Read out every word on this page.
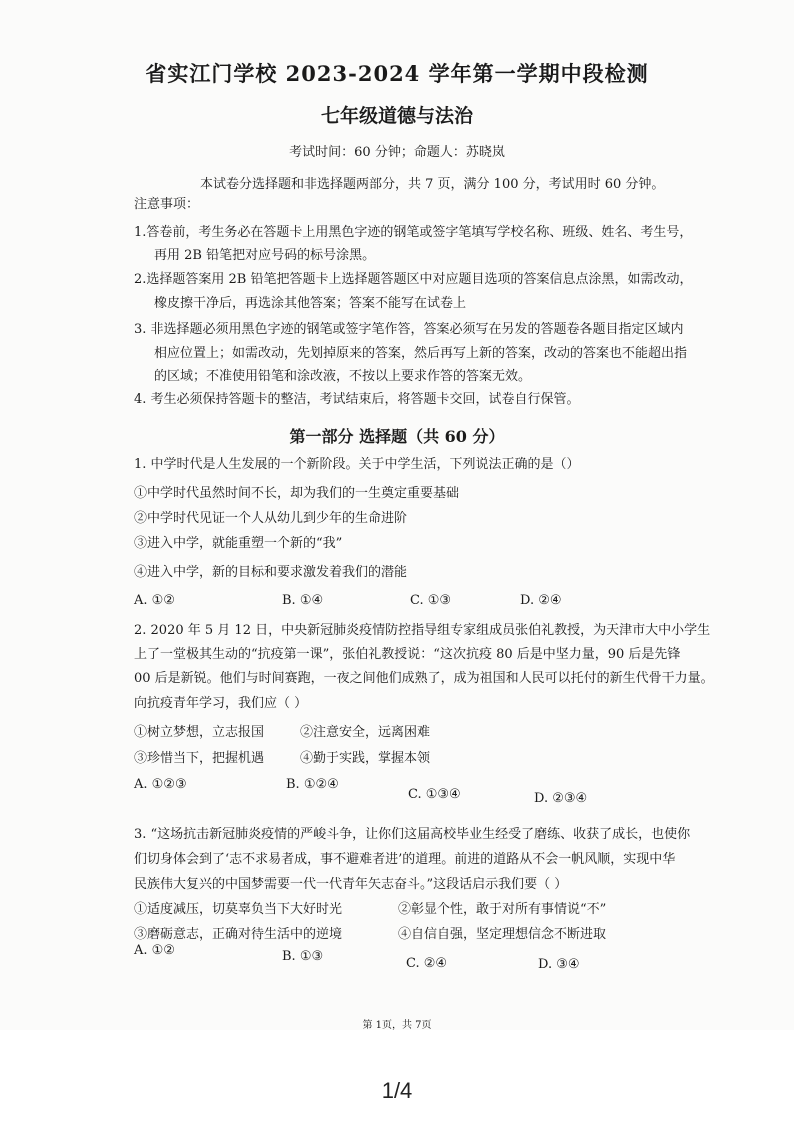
省实江门学校 2023-2024 学年第一学期中段检测
七年级道德与法治
考试时间：60 分钟；命题人：苏晓岚
本试卷分选择题和非选择题两部分，共 7 页，满分 100 分，考试用时 60 分钟。
注意事项：
1.答卷前，考生务必在答题卡上用黑色字迹的钢笔或签字笔填写学校名称、班级、姓名、考生号，
再用 2B 铅笔把对应号码的标号涂黑。
2.选择题答案用 2B 铅笔把答题卡上选择题答题区中对应题目选项的答案信息点涂黑，如需改动，
橡皮擦干净后，再选涂其他答案；答案不能写在试卷上
3. 非选择题必须用黑色字迹的钢笔或签字笔作答，答案必须写在另发的答题卷各题目指定区域内
相应位置上；如需改动，先划掉原来的答案，然后再写上新的答案，改动的答案也不能超出指
的区域；不准使用铅笔和涂改液，不按以上要求作答的答案无效。
4. 考生必须保持答题卡的整洁，考试结束后，将答题卡交回，试卷自行保管。
第一部分 选择题（共 60 分）
1. 中学时代是人生发展的一个新阶段。关于中学生活，下列说法正确的是（）
①中学时代虽然时间不长，却为我们的一生奠定重要基础
②中学时代见证一个人从幼儿到少年的生命进阶
③进入中学，就能重塑一个新的“我”
④进入中学，新的目标和要求激发着我们的潜能
A. ①②	B. ①④	C. ①③	D. ②④
2. 2020 年 5 月 12 日，中央新冠肺炎疫情防控指导组专家组成员张伯礼教授，为天津市大中小学生
上了一堂极其生动的“抗疫第一课”，张伯礼教授说：“这次抗疫 80 后是中坚力量，90 后是先锋
00 后是新锐。他们与时间赛跑，一夜之间他们成熟了，成为祖国和人民可以托付的新生代骨干力量。
向抗疫青年学习，我们应（ ）
①树立梦想，立志报国	②注意安全，远离困难
③珍惜当下，把握机遇	④勤于实践，掌握本领
A. ①②③	B. ①②④
C. ①③④	D. ②③④
3. “这场抗击新冠肺炎疫情的严峻斗争，让你们这届高校毕业生经受了磨练、收获了成长，也使你
们切身体会到了‘志不求易者成，事不避难者进’的道理。前进的道路从不会一帆风顺，实现中华
民族伟大复兴的中国梦需要一代一代青年矢志奋斗。”这段话启示我们要（ ）
①适度减压，切莫辜负当下大好时光	②彰显个性，敢于对所有事情说“不”
③磨砺意志，正确对待生活中的逆境	④自信自强，坚定理想信念不断进取
A. ①②	B. ①③	C. ②④	D. ③④
第 1页，共 7页
1/4
